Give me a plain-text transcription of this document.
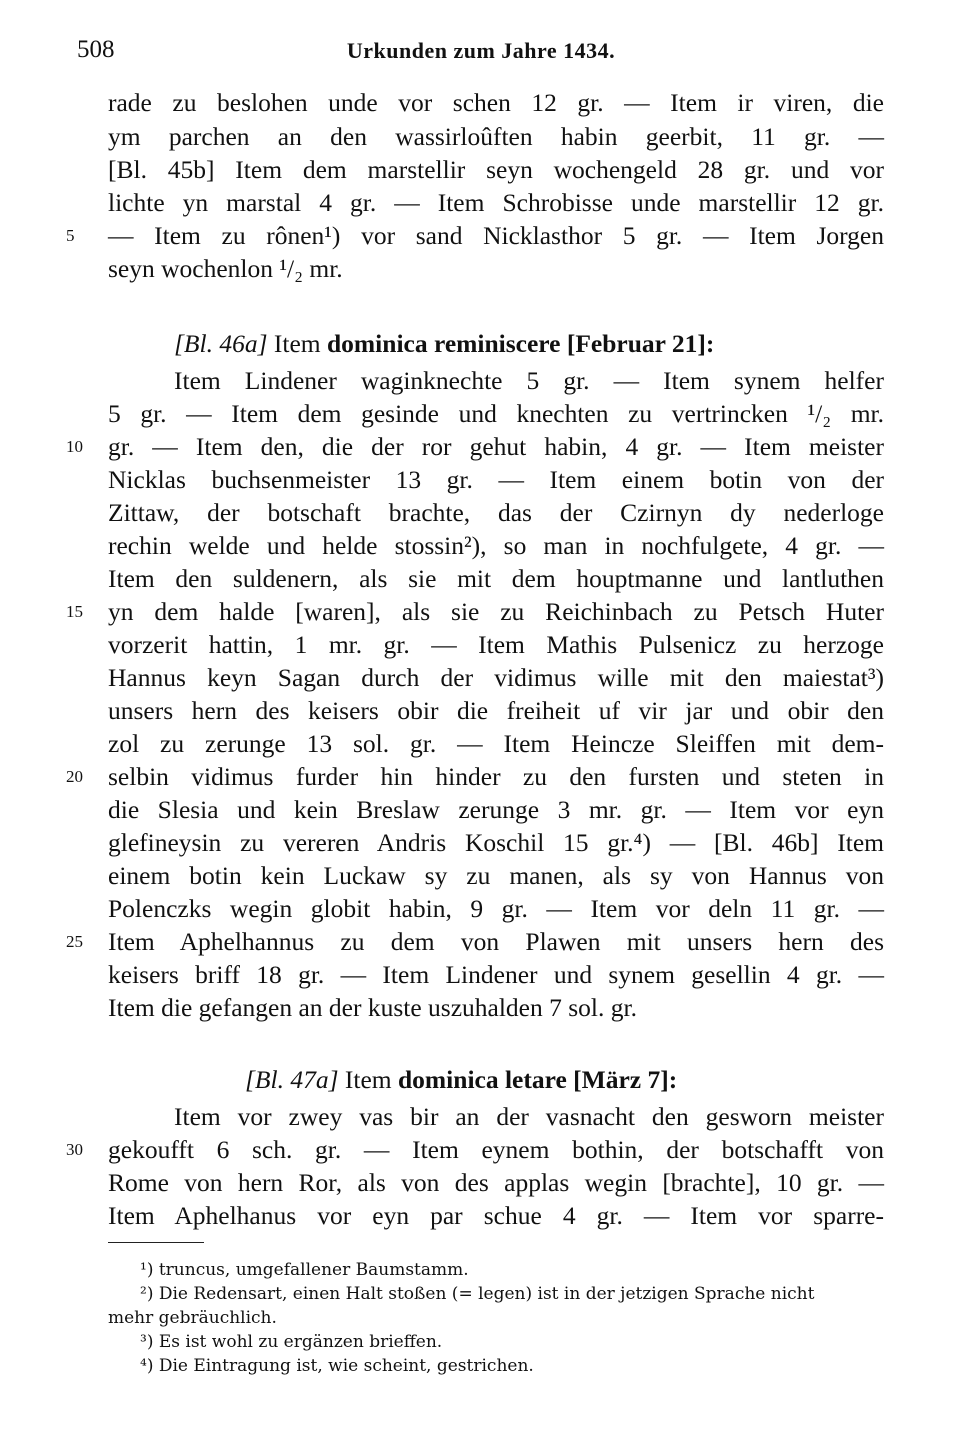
508	Urkunden zum Jahre 1434.
rade zu beslohen unde vor schen 12 gr. — Item ir viren, die
ym parchen an den wassirloûften habin geerbit, 11 gr. —
[Bl. 45b] Item dem marstellir seyn wochengeld 28 gr. und vor
lichte yn marstal 4 gr. — Item Schrobisse unde marstellir 12 gr.
5	— Item zu rônen¹) vor sand Nicklasthor 5 gr. — Item Jorgen
seyn wochenlon ¹/₂ mr.
[Bl. 46a] Item dominica reminiscere [Februar 21]:
Item Lindener waginknechte 5 gr. — Item synem helfer
5 gr. — Item dem gesinde und knechten zu vertrincken ¹/₂ mr.
10 gr. — Item den, die der ror gehut habin, 4 gr. — Item meister
Nicklas buchsenmeister 13 gr. — Item einem botin von der
Zittaw, der botschaft brachte, das der Czirnyn dy nederloge
rechin welde und helde stossin²), so man in nochfulgete, 4 gr. —
Item den suldenern, als sie mit dem houptmanne und lantluthen
15 yn dem halde [waren], als sie zu Reichinbach zu Petsch Huter
vorzerit hattin, 1 mr. gr. — Item Mathis Pulsenicz zu herzoge
Hannus keyn Sagan durch der vidimus wille mit den maiestat³)
unsers hern des keisers obir die freiheit uf vir jar und obir den
zol zu zerunge 13 sol. gr. — Item Heincze Sleiffen mit dem-
20 selbin vidimus furder hin hinder zu den fursten und steten in
die Slesia und kein Breslaw zerunge 3 mr. gr. — Item vor eyn
glefineysin zu vereren Andris Koschil 15 gr.⁴) — [Bl. 46b] Item
einem botin kein Luckaw sy zu manen, als sy von Hannus von
Polenczks wegin globit habin, 9 gr. — Item vor deln 11 gr. —
25 Item Aphelhannus zu dem von Plawen mit unsers hern des
keisers briff 18 gr. — Item Lindener und synem gesellin 4 gr. —
Item die gefangen an der kuste uszuhalden 7 sol. gr.
[Bl. 47a] Item dominica letare [März 7]:
Item vor zwey vas bir an der vasnacht den gesworn meister
30 gekoufft 6 sch. gr. — Item eynem bothin, der botschafft von
Rome von hern Ror, als von des applas wegin [brachte], 10 gr. —
Item Aphelhanus vor eyn par schue 4 gr. — Item vor sparre-
¹) truncus, umgefallener Baumstamm.
²) Die Redensart, einen Halt stoßen (= legen) ist in der jetzigen Sprache nicht
mehr gebräuchlich.
³) Es ist wohl zu ergänzen brieffen.
⁴) Die Eintragung ist, wie scheint, gestrichen.
